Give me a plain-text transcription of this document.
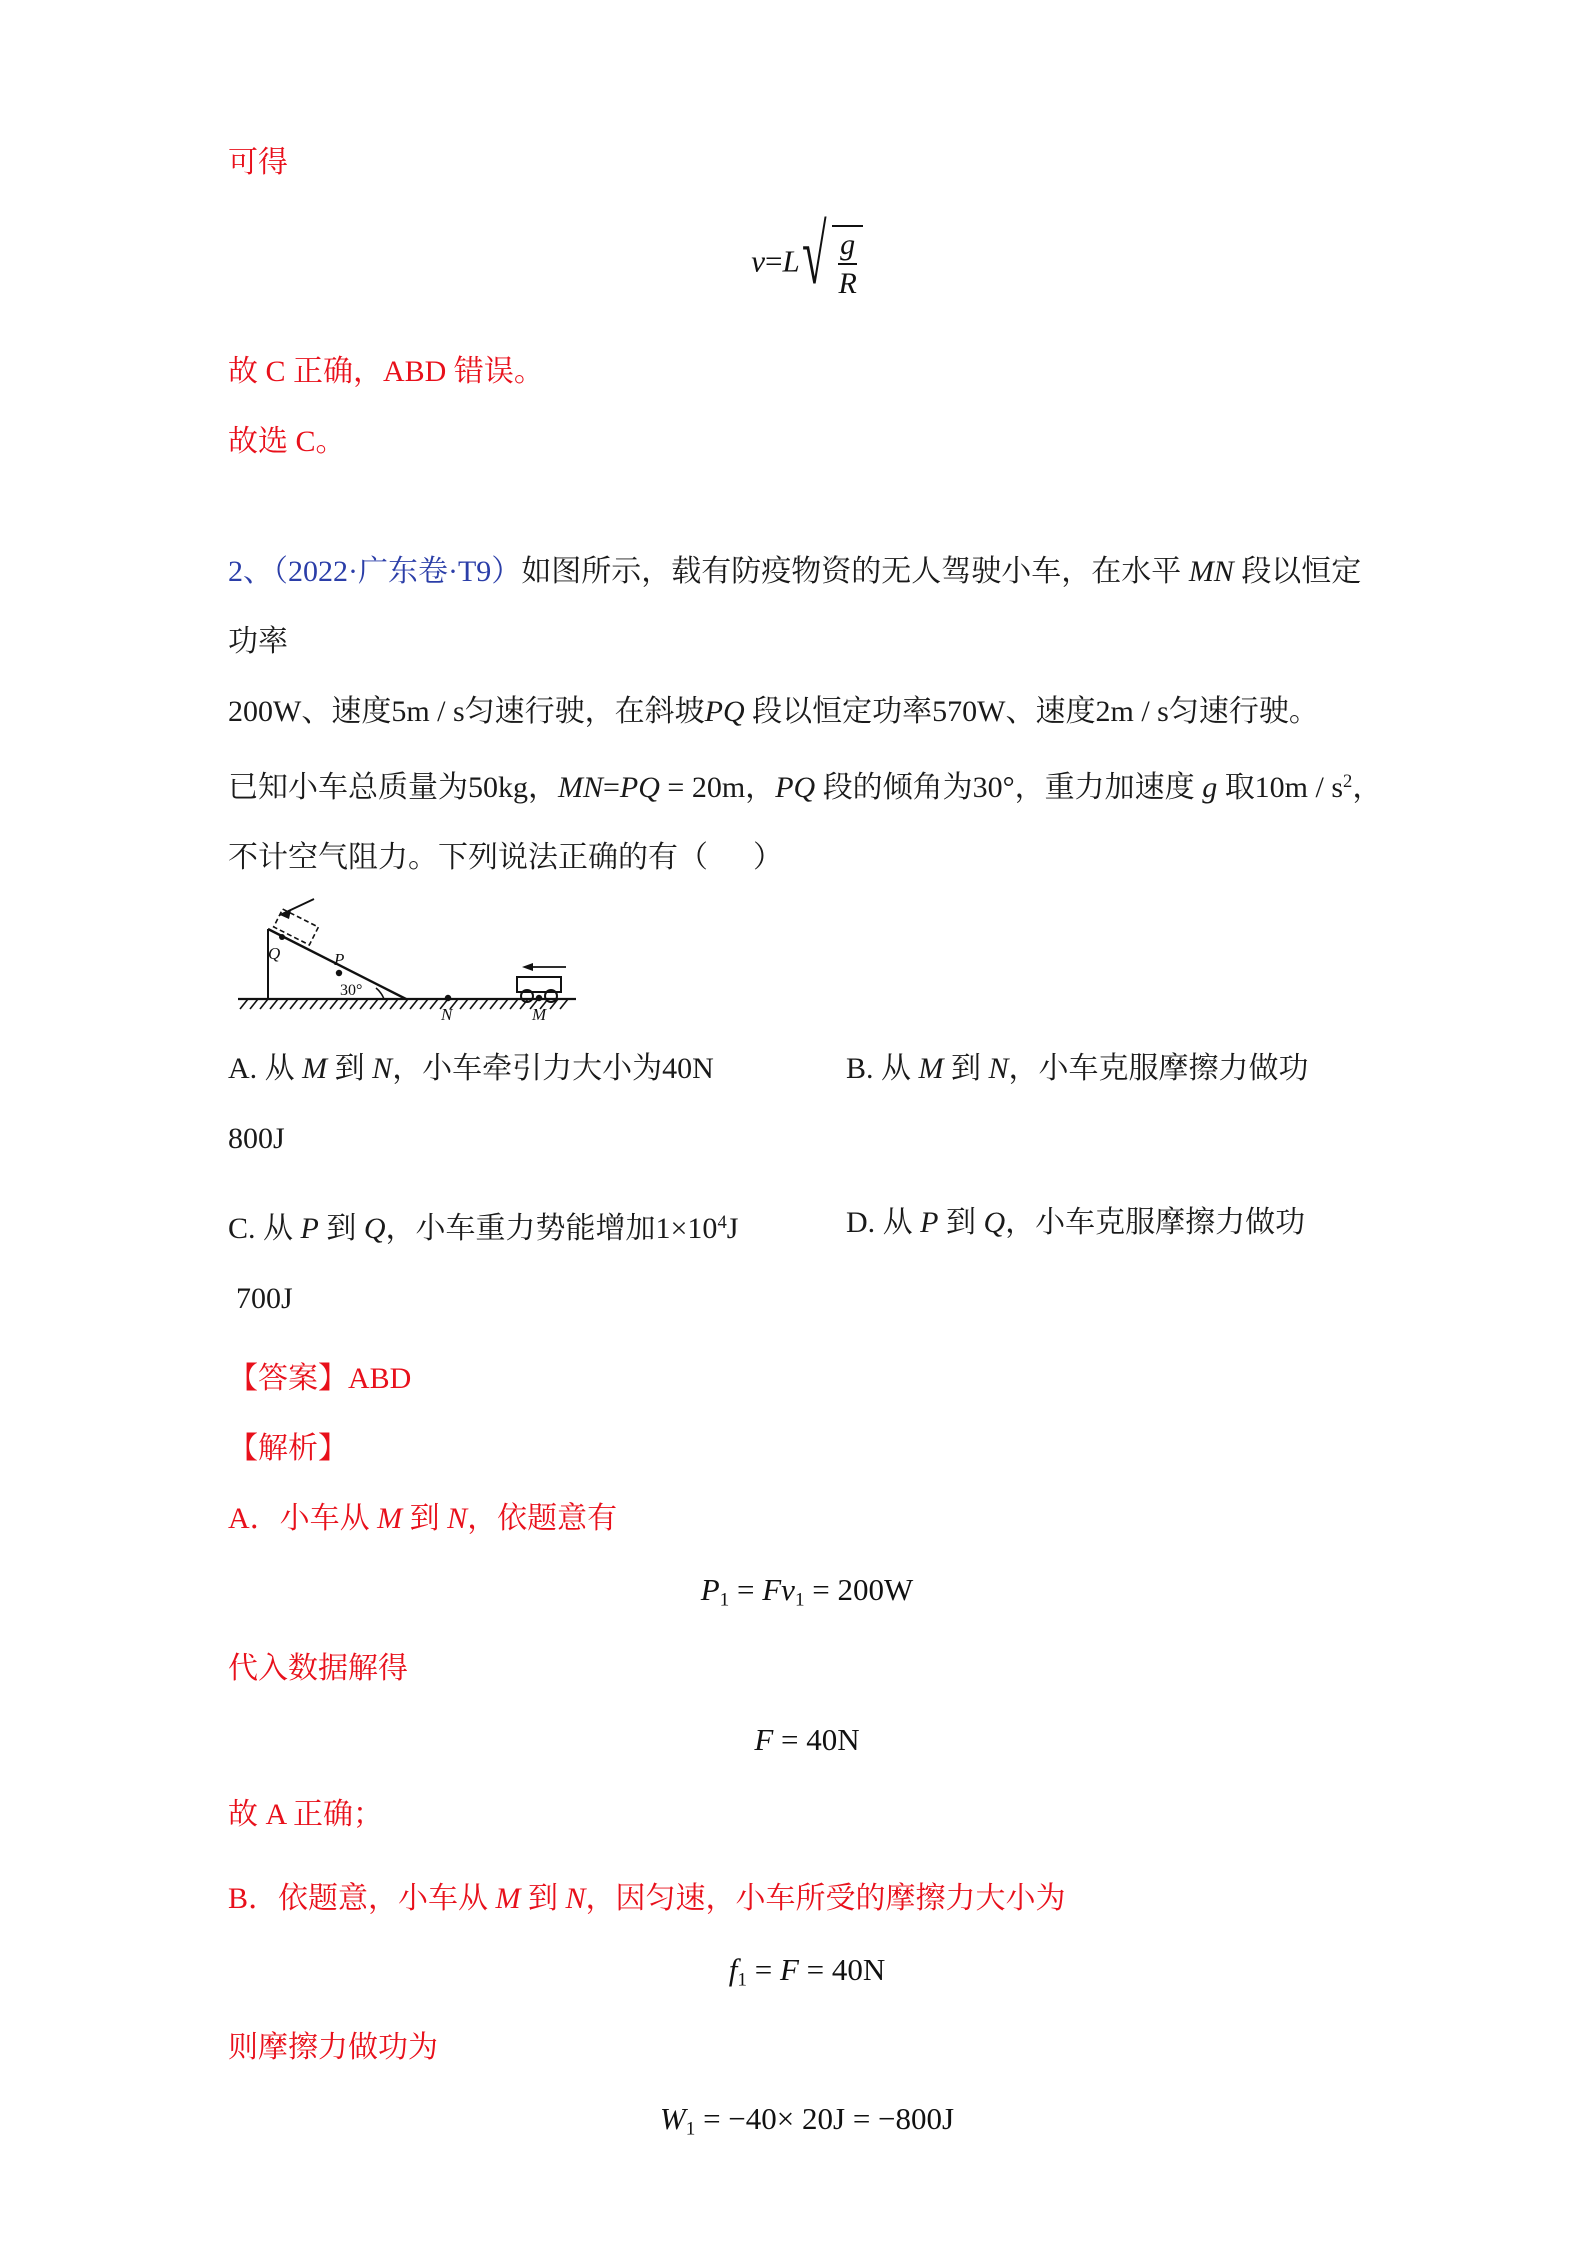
可得
$v=L√ \frac{g}{R}$
故 C 正确，ABD 错误。
故选 C。
2、（2022·广东卷·T9）如图所示，载有防疫物资的无人驾驶小车，在水平 MN 段以恒定功率
200W、速度5m / s匀速行驶，在斜坡PQ 段以恒定功率570W、速度2m / s匀速行驶。
已知小车总质量为50kg，MN=PQ = 20m，PQ 段的倾角为30°，重力加速度 g 取$10m / s^2$，
不计空气阻力。下列说法正确的有（      ）
30°
Q	P
N	M
A. 从 M 到 N，小车牵引力大小为40N	B. 从 M 到 N，小车克服摩擦力做功
800J
C. 从 P 到 Q，小车重力势能增加$1\times 10^4J$	D. 从 P 到 Q，小车克服摩擦力做功
700J
【答案】ABD
【解析】
A．小车从 M 到 N，依题意有
$P_1 = Fv_1 = 200W$
代入数据解得
F = 40N
故 A 正确；
B．依题意，小车从 M 到 N，因匀速，小车所受的摩擦力大小为
$f_1 = F = 40N$
则摩擦力做功为
$W_1 = -40\times 20J = -800J$
